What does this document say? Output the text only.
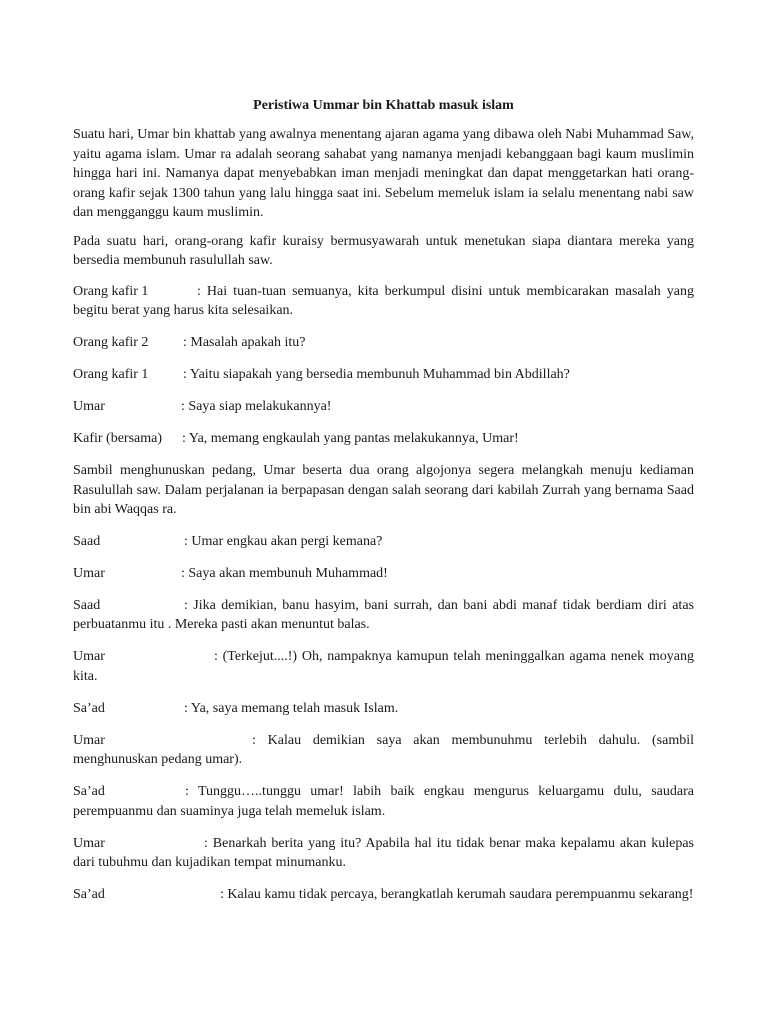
Peristiwa Ummar bin Khattab masuk islam
Suatu hari, Umar bin khattab yang awalnya menentang ajaran agama yang dibawa oleh Nabi Muhammad Saw, yaitu agama islam. Umar ra adalah seorang sahabat yang namanya menjadi kebanggaan bagi kaum muslimin hingga hari ini. Namanya dapat menyebabkan iman menjadi meningkat dan dapat menggetarkan hati orang-orang kafir sejak 1300 tahun yang lalu hingga saat ini. Sebelum memeluk islam ia selalu menentang nabi saw dan mengganggu kaum muslimin.
Pada suatu hari, orang-orang kafir kuraisy bermusyawarah untuk menetukan siapa diantara mereka yang bersedia membunuh rasulullah saw.
Orang kafir 1	: Hai tuan-tuan semuanya, kita berkumpul disini untuk membicarakan masalah yang begitu berat yang harus kita selesaikan.
Orang kafir 2 : Masalah apakah itu?
Orang kafir 1 : Yaitu siapakah yang bersedia membunuh Muhammad bin Abdillah?
Umar	: Saya siap melakukannya!
Kafir (bersama) : Ya, memang engkaulah yang pantas melakukannya, Umar!
Sambil menghunuskan pedang, Umar beserta dua orang algojonya segera melangkah menuju kediaman Rasulullah saw. Dalam perjalanan ia berpapasan dengan salah seorang dari kabilah Zurrah yang bernama Saad bin abi Waqqas ra.
Saad	: Umar engkau akan pergi kemana?
Umar	: Saya akan membunuh Muhammad!
Saad	: Jika demikian, banu hasyim, bani surrah, dan bani abdi manaf tidak berdiam diri atas perbuatanmu itu . Mereka pasti akan menuntut balas.
Umar	: (Terkejut....!) Oh, nampaknya kamupun telah meninggalkan agama nenek moyang kita.
Sa’ad	: Ya, saya memang telah masuk Islam.
Umar	: Kalau demikian saya akan membunuhmu terlebih dahulu. (sambil menghunuskan pedang umar).
Sa’ad	: Tunggu…..tunggu umar! labih baik engkau mengurus keluargamu dulu, saudara perempuanmu dan suaminya juga telah memeluk islam.
Umar	: Benarkah berita yang itu? Apabila hal itu tidak benar maka kepalamu akan kulepas dari tubuhmu dan kujadikan tempat minumanku.
Sa’ad	: Kalau kamu tidak percaya, berangkatlah kerumah saudara perempuanmu sekarang!
